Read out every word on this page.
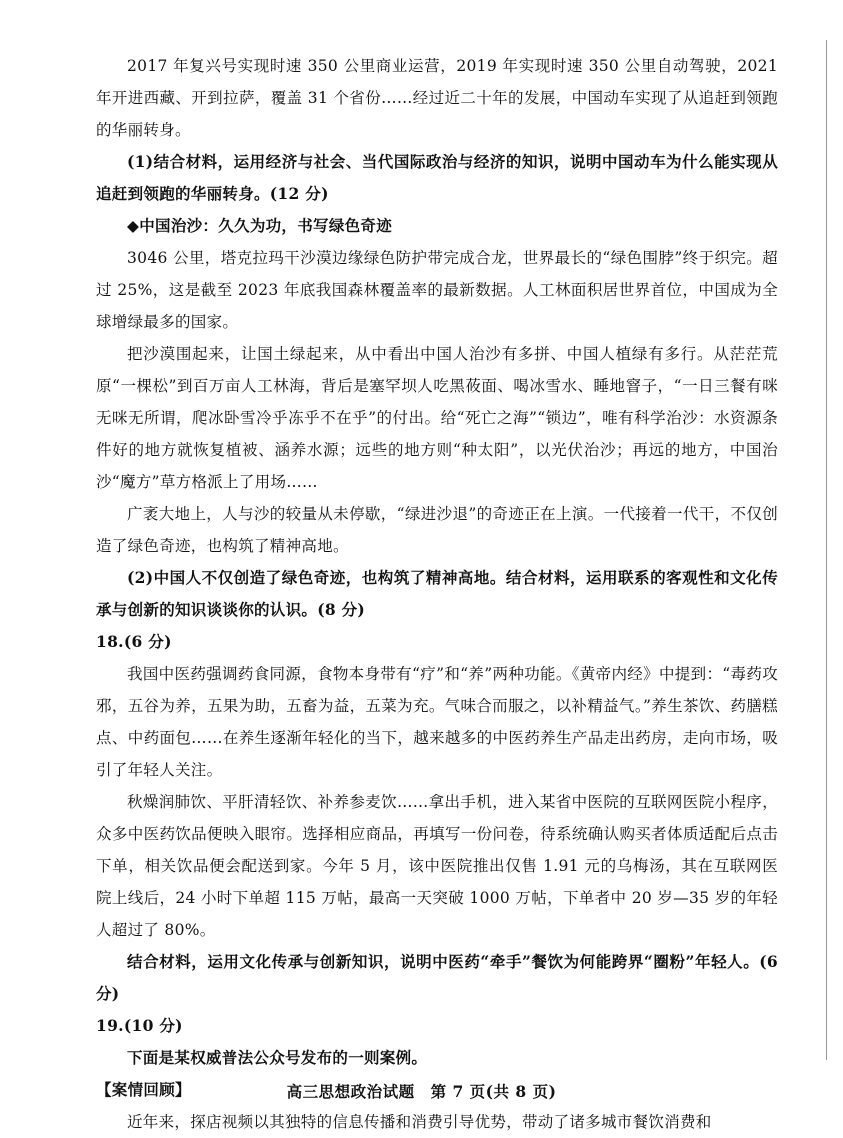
2017 年复兴号实现时速 350 公里商业运营，2019 年实现时速 350 公里自动驾驶，2021 年开进西藏、开到拉萨，覆盖 31 个省份……经过近二十年的发展，中国动车实现了从追赶到领跑的华丽转身。

(1)结合材料，运用经济与社会、当代国际政治与经济的知识，说明中国动车为什么能实现从追赶到领跑的华丽转身。(12 分)

◆中国治沙：久久为功，书写绿色奇迹

3046 公里，塔克拉玛干沙漠边缘绿色防护带完成合龙，世界最长的“绿色围脖”终于织完。超过 25%，这是截至 2023 年底我国森林覆盖率的最新数据。人工林面积居世界首位，中国成为全球增绿最多的国家。

把沙漠围起来，让国土绿起来，从中看出中国人治沙有多拼、中国人植绿有多行。从茫茫荒原“一棵松”到百万亩人工林海，背后是塞罕坝人吃黑莜面、喝冰雪水、睡地窨子，“一日三餐有咪无咪无所谓，爬冰卧雪冷乎冻乎不在乎”的付出。给“死亡之海”“锁边”，唯有科学治沙：水资源条件好的地方就恢复植被、涵养水源；远些的地方则“种太阳”，以光伏治沙；再远的地方，中国治沙“魔方”草方格派上了用场……

广袤大地上，人与沙的较量从未停歇，“绿进沙退”的奇迹正在上演。一代接着一代干，不仅创造了绿色奇迹，也构筑了精神高地。

(2)中国人不仅创造了绿色奇迹，也构筑了精神高地。结合材料，运用联系的客观性和文化传承与创新的知识谈谈你的认识。(8 分)

18.(6 分)

我国中医药强调药食同源，食物本身带有“疗”和“养”两种功能。《黄帝内经》中提到：“毒药攻邪，五谷为养，五果为助，五畜为益，五菜为充。气味合而服之，以补精益气。”养生茶饮、药膳糕点、中药面包……在养生逐渐年轻化的当下，越来越多的中医药养生产品走出药房，走向市场，吸引了年轻人关注。

秋燥润肺饮、平肝清轻饮、补养参麦饮……拿出手机，进入某省中医院的互联网医院小程序，众多中医药饮品便映入眼帘。选择相应商品，再填写一份问卷，待系统确认购买者体质适配后点击下单，相关饮品便会配送到家。今年 5 月，该中医院推出仅售 1.91 元的乌梅汤，其在互联网医院上线后，24 小时下单超 115 万帖，最高一天突破 1000 万帖，下单者中 20 岁—35 岁的年轻人超过了 80%。

结合材料，运用文化传承与创新知识，说明中医药“牵手”餐饮为何能跨界“圈粉”年轻人。(6 分)

19.(10 分)

下面是某权威普法公众号发布的一则案例。

【案情回顾】

近年来，探店视频以其独特的信息传播和消费引导优势，带动了诸多城市餐饮消费和

高三思想政治试题　第 7 页(共 8 页)
